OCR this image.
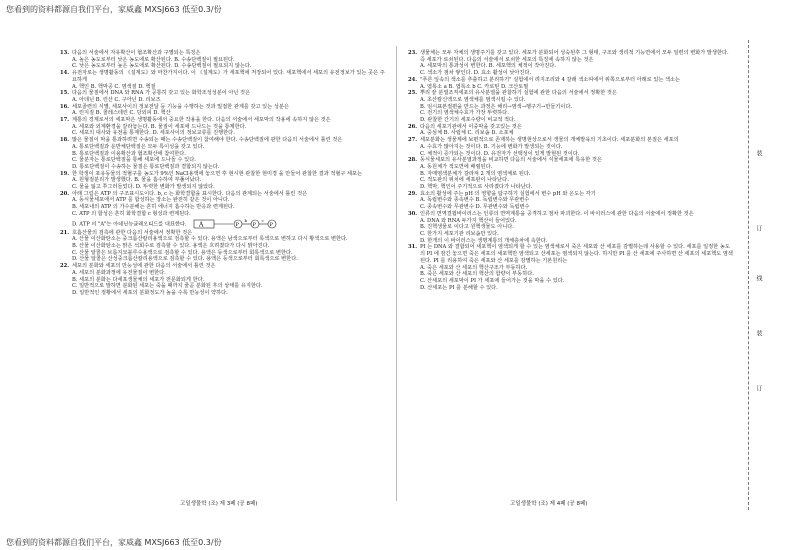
您看到的资料都源自我们平台，家威鑫 MXSJ663 低至0.3/份
13. 다음의 서술에서 자유확산이 협조확산과 구별되는 특징은
A. 높은 농도로부터 낮은 농도에로 확산된다. B. 수송단백질이 필요된다.
C. 낮은 농도로부터 높은 농도에로 확산된다. D. 수송단백질이 필요되지 않는다.
14. 유전자로는 생명활동의 《설계도》와 마찬가지이다. 이 《설계도》가 세포핵에 저장되어 있다. 세포핵에서 세포의 유전정보가 있는 곳은 주요하게
A. 핵인 B. 핵막공 C. 염색질 D. 핵질
15. 다음의 물질에서 DNA 와 RNA 가 공통히 갖고 있는 화학조성성분이 아닌 것은
A. 아데닌 B. 린산 C. 구아닌 D. 리보즈
16. 세포골련의 식별, 세포사이의 정보전달 등 기능을 수행하는 것과 밀접한 관계를 갖고 있는 성분은
A. 린지질 B. 콜레스테린 C. 당외피 D. 핵산
17. 계통의 경계로서의 세포막은 생명활동에서 중요한 작용을 한다. 다음의 서술에서 세포막의 작용에 속하지 않은 것은
A. 세포와 외계환경을 갈라놓는다. B. 물질이 세포에 드나드는 것을 통제한다.
C. 세포의 대사와 유전을 통제한다. D. 세포사이의 정보교류를 진행한다.
18. 많은 물질이 막을 통과하려면 수송되는 때는 수송단백질이 참여해야 한다. 수송단백질에 관한 다음의 서술에서 틀린 것은
A. 통로단백질과 운반체단백질은 모두 특이성을 갖고 있다.
B. 통로단백질과 이용확산과 협조확산에 참여한다.
C. 물분자는 통로단백질을 통해 세포에 드나들 수 있다.
D. 통로단백질이 수송하는 물질은 통로단백질과 결합되지 않는다.
19. 한 학생이 포유동물의 적혈구를 농도가 9%인 NaCl용액에 놓으면 후 현시현 관찰한 현미경 을 만들어 관찰한 결과 적혈구 세포는
A. 원형질분리가 발생했다. B. 물을 흡수하여 부풀어났다.
C. 물을 잃고 쭈그러들었다. D. 뚜렷한 변화가 발생되지 않았다.
20. 아래 그림은 ATP 의 구조표시도이다. b, c 는 화학결합을 표시한다. 다음의 관계되는 서술에서 틀린 것은
A. 동식물세포에서 ATP 를 합성하는 장소는 완전히 같은 것이 아니다.
B. 세포내의 ATP 의 가수분해는 흔히 에너지 흡수하는 반응과 련계된다.
C. ATP 의 합성은 흔히 화학결합 c 형성과 련계된다.
D. ATP 의 "A"는 아데닌뉴클레오티드를 대표한다. A	P
b
P
c
P
21. 호흡산물의 검측에 관한 다음의 서술에서 정확한 것은
A. 산물 이산화탄소는 중크롬산칼리용액으로 검측할 수 있다. 용액은 남색으로부터 록색으로 변하고 다시 황색으로 변한다.
B. 산물 이산화탄소는 맑은 석회수로 검측할 수 있다. 용액은 흐려졌다가 다시 맑아진다.
C. 산물 알콜은 브롬지모블루수용액으로 검측할 수 있다. 용액은 등색으로부터 회록색으로 변한다.
D. 산물 알콜은 산성중크롬산칼리용액으로 검측할 수 있다. 용액은 등색으로부터 회록색으로 변한다.
22. 세포의 분화와 세포의 만능성에 관한 다음의 서술에서 틀린 것은
A. 세포의 분화과정에 유전물질이 변한다.
B. 세포의 분화는 다세포생물체의 세포가 전문화되게 한다.
C. 일반적으로 말하면 분화된 세포는 죽을 때까지 줄곧 분화된 후의 상태를 유지한다.
D. 일반적인 정황에서 세포의 분화정도가 높을 수록 만능성이 약하다.
23. 생물체는 모두 자체의 생명주기를 갖고 있다. 세포가 분화되어 성숙된후 그 형태, 구조와 생리적 기능면에서 모두 일련의 변화가 발생한다. 즉 세포가 로쇠된다. 다음의 서술에서 로쇠한 세포의 특징에 속하지 않는 것은
A. 세포막의 통과성이 변한다. B. 세포핵의 체적이 작아진다.
C. 색소가 점차 쌓인다. D. 효소 활성이 낮아진다.
24. "푸른 잎속의 색소를 추출하고 분리하기" 실험에서 려지조리와 4 갈래 색소띠에서 위쪽으로부터 아래로 있는 색소는
A. 엽록소 a B. 엽록소 b C. 카로틴 D. 크산토필
25. 뿌리 끝 분열조직세포의 유사분열을 관찰하기 실험에 관한 다음의 서술에서 정확한 것은
A. 초산칼신액으로 염색체를 염색시킬 수 있다.
B. 임시표본절편을 만드는 과정은 해리→염색→헹구기→만들기이다.
C. 전기의 염색체수효가 가장 뚜렷하다.
D. 관찰한 간기의 세포수량이 비교적 적다.
26. 다음의 세포기관에서 이중막을 갖고있는 것은
A. 중심체 B. 사립체 C. 리보솜 D. 소포체
27. 세포분화는 생물계에 보편적으로 존재하는 생명현상으로서 생물의 개체발육의 기초이다. 세포분화의 본질은 세포의
A. 수효가 많아지는 것이다. B. 기능에 변화가 발생되는 것이다.
C. 체적이 증가되는 것이다. D. 유전자가 선택성이 있게 발현된 것이다.
28. 동식물세포의 유사분열과정을 비교하면 다음의 서술에서 식물세포에 특유한 것은
A. 동원체가 적도면에 배렬된다.
B. 자매염색분체가 갈라져 2 개의 염색체로 된다.
C. 적도판의 위치에 세포판이 나타난다.
D. 핵막, 핵인이 주기적으로 사라졌다가 나타난다.
29. 효소의 활성에 주는 pH 의 영향을 탐구하기 실험에서 변수 pH 와 온도는 각기
A. 독립변수와 종속변수 B. 독립변수와 무관변수
C. 종속변수와 무관변수 D. 무관변수와 독립변수
30. 인류의 면역결핍바이러스는 인류의 면역계통을 공격하고 점차 파괴한다. 이 바이러스에 관한 다음의 서술에서 정확한 것은
A. DNA 와 RNA 두가지 핵산이 들어있다.
B. 진핵생물로 이다고 원핵생물도 아니다.
C. 한가지 세포기관 리보솜만 있다.
D. 한개의 이 바이러스는 생명계통의 개체층차에 속한다.
31. PI 는 DNA 와 결합되어 세포핵이 염색되게 할 수 있는 염색체로서 죽은 세포와 산 세포를 감별하는데 사용할 수 있다. 세포를 일정한 농도의 PI 에 잠긴 놓으면 죽은 세포의 세포핵만 염색되고 산세포는 염색되지 않는다. 하지만 PI 를 산 세포에 주사하면 산 세포의 세포핵도 염색된다. PI 를 리용하여 죽은 세포와 산 세포를 감별하는 기본원리는
A. 죽은 세포와 산 세포의 핵산구조가 부동하다.
B. 죽은 세포와 산 세포의 핵산의 함량이 부동하다.
C. 산세포의 세포막이 PI 가 세포에 들어가는 것을 막을 수 있다.
D. 산세포는 PI 를 분해할 수 있다.
고일생물학 (조) 제 3페 (공 8페)	고일생물학 (조) 제 4페 (공 8페)
装
订
线
装
订
您看到的资料都源自我们平台，家威鑫 MXSJ663 低至0.3/份
